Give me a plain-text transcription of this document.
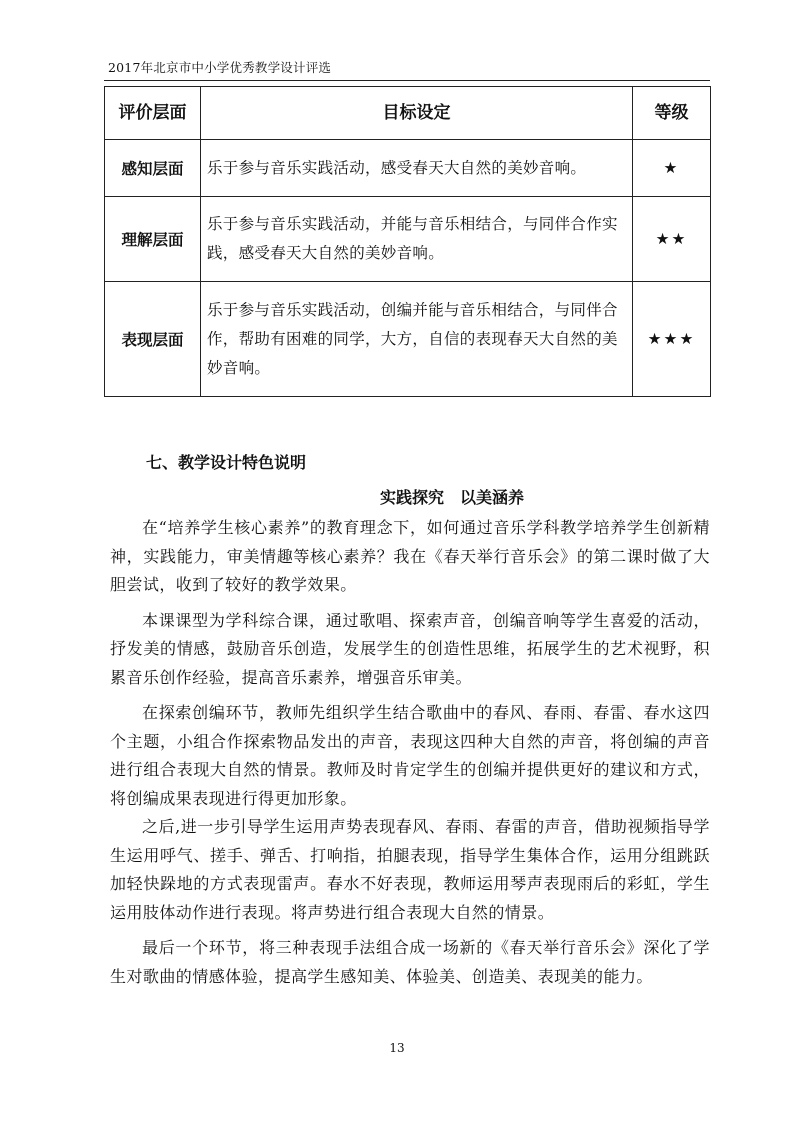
2017年北京市中小学优秀教学设计评选
评价层面	目标设定	等级
感知层面	乐于参与音乐实践活动，感受春天大自然的美妙音响。	★
理解层面	乐于参与音乐实践活动，并能与音乐相结合，与同伴合作实践，感受春天大自然的美妙音响。	★★
表现层面	乐于参与音乐实践活动，创编并能与音乐相结合，与同伴合作，帮助有困难的同学，大方，自信的表现春天大自然的美妙音响。	★★★
七、教学设计特色说明
实践探究　以美涵养

在“培养学生核心素养”的教育理念下，如何通过音乐学科教学培养学生创新精神，实践能力，审美情趣等核心素养？我在《春天举行音乐会》的第二课时做了大胆尝试，收到了较好的教学效果。

本课课型为学科综合课，通过歌唱、探索声音，创编音响等学生喜爱的活动，抒发美的情感，鼓励音乐创造，发展学生的创造性思维，拓展学生的艺术视野，积累音乐创作经验，提高音乐素养，增强音乐审美。

在探索创编环节，教师先组织学生结合歌曲中的春风、春雨、春雷、春水这四个主题，小组合作探索物品发出的声音，表现这四种大自然的声音，将创编的声音进行组合表现大自然的情景。教师及时肯定学生的创编并提供更好的建议和方式，将创编成果表现进行得更加形象。

之后,进一步引导学生运用声势表现春风、春雨、春雷的声音，借助视频指导学生运用呼气、搓手、弹舌、打响指，拍腿表现，指导学生集体合作，运用分组跳跃加轻快跺地的方式表现雷声。春水不好表现，教师运用琴声表现雨后的彩虹，学生运用肢体动作进行表现。将声势进行组合表现大自然的情景。

最后一个环节，将三种表现手法组合成一场新的《春天举行音乐会》深化了学生对歌曲的情感体验，提高学生感知美、体验美、创造美、表现美的能力。

13
